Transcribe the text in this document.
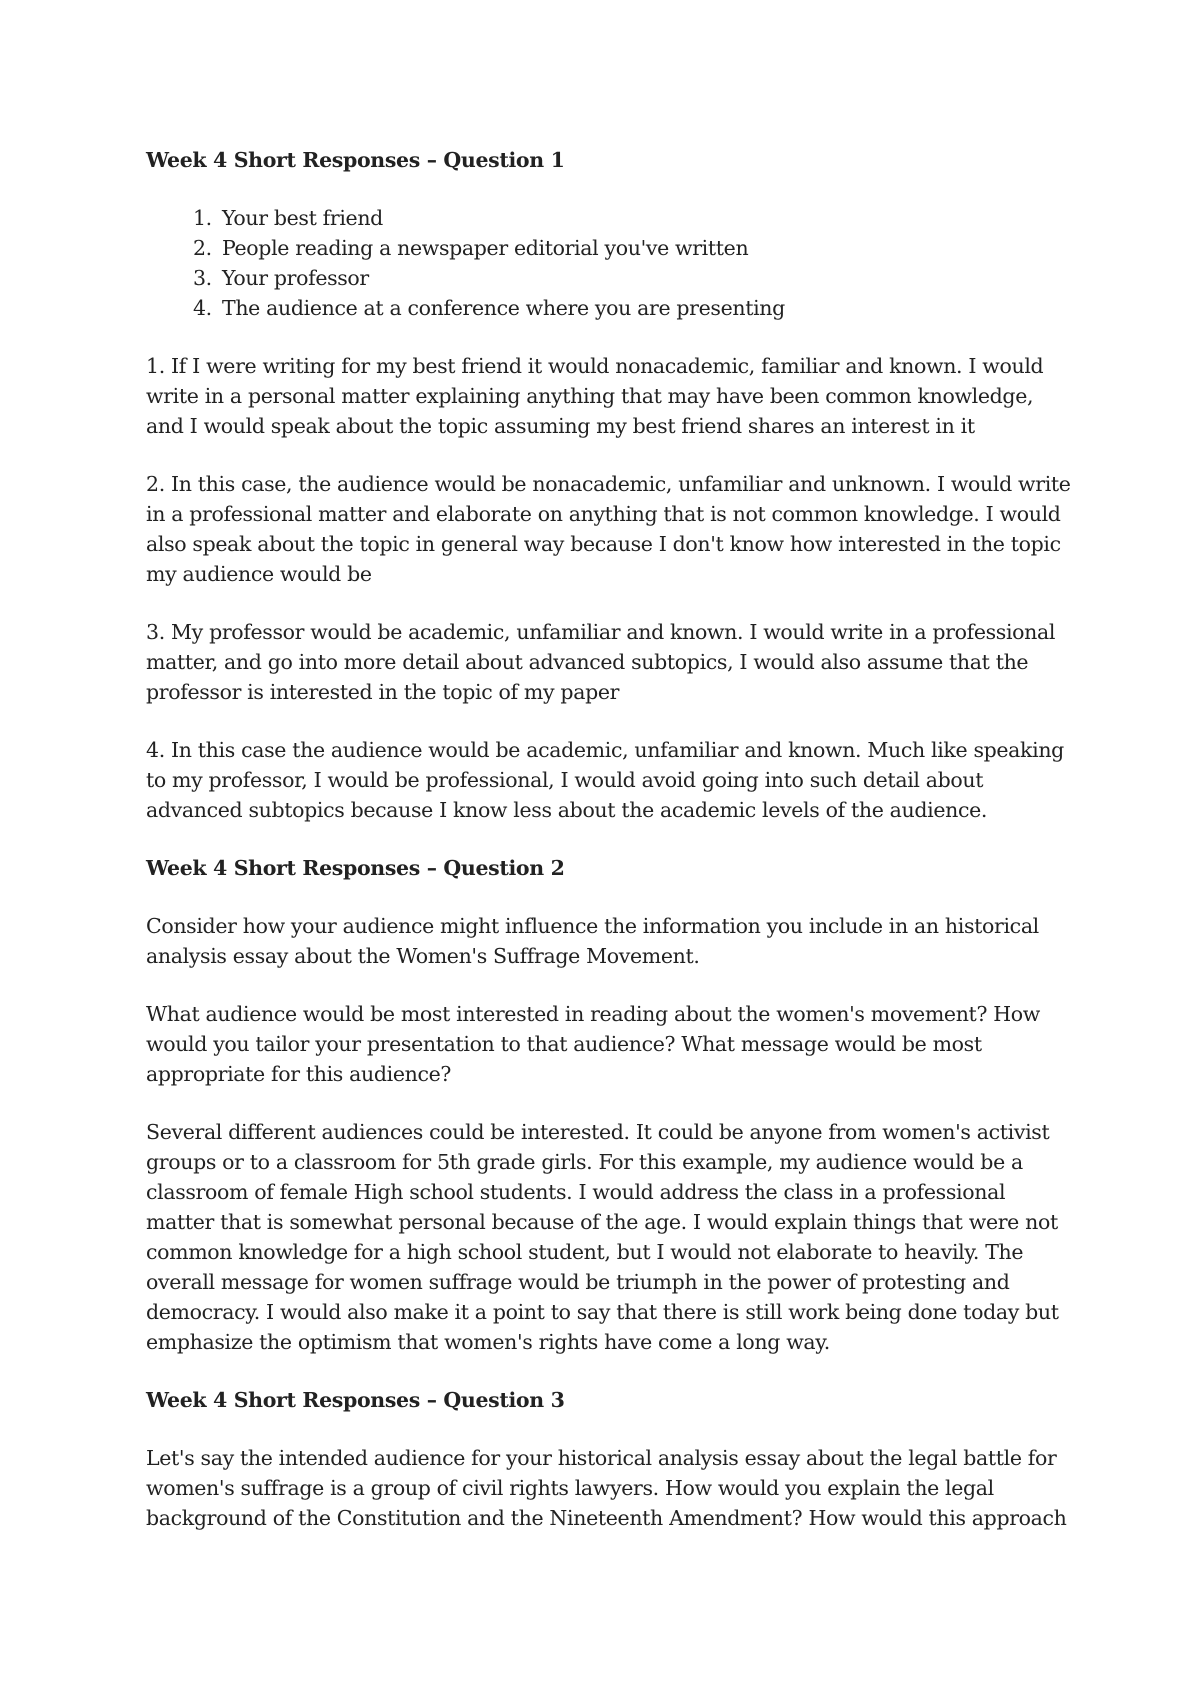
Week 4 Short Responses – Question 1
1. Your best friend
2. People reading a newspaper editorial you've written
3. Your professor
4. The audience at a conference where you are presenting

1. If I were writing for my best friend it would nonacademic, familiar and known. I would write in a personal matter explaining anything that may have been common knowledge, and I would speak about the topic assuming my best friend shares an interest in it

2. In this case, the audience would be nonacademic, unfamiliar and unknown. I would write in a professional matter and elaborate on anything that is not common knowledge. I would also speak about the topic in general way because I don't know how interested in the topic my audience would be

3. My professor would be academic, unfamiliar and known. I would write in a professional matter, and go into more detail about advanced subtopics, I would also assume that the professor is interested in the topic of my paper

4. In this case the audience would be academic, unfamiliar and known. Much like speaking to my professor, I would be professional, I would avoid going into such detail about advanced subtopics because I know less about the academic levels of the audience.

Week 4 Short Responses – Question 2

Consider how your audience might influence the information you include in an historical analysis essay about the Women's Suffrage Movement.

What audience would be most interested in reading about the women's movement? How would you tailor your presentation to that audience? What message would be most appropriate for this audience?

Several different audiences could be interested. It could be anyone from women's activist groups or to a classroom for 5th grade girls. For this example, my audience would be a classroom of female High school students. I would address the class in a professional matter that is somewhat personal because of the age. I would explain things that were not common knowledge for a high school student, but I would not elaborate to heavily. The overall message for women suffrage would be triumph in the power of protesting and democracy. I would also make it a point to say that there is still work being done today but emphasize the optimism that women's rights have come a long way.

Week 4 Short Responses – Question 3

Let's say the intended audience for your historical analysis essay about the legal battle for women's suffrage is a group of civil rights lawyers. How would you explain the legal background of the Constitution and the Nineteenth Amendment? How would this approach
